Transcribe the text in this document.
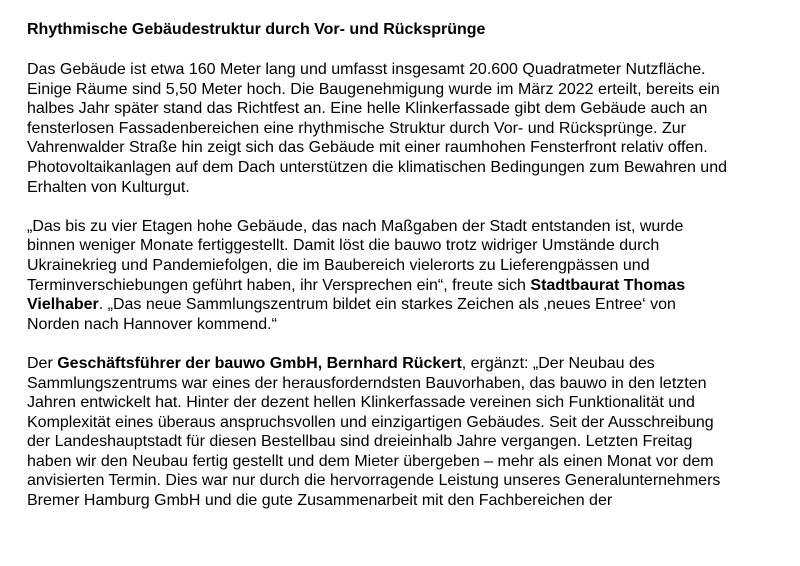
Rhythmische Gebäudestruktur durch Vor- und Rücksprünge

Das Gebäude ist etwa 160 Meter lang und umfasst insgesamt 20.600 Quadratmeter Nutzfläche.
Einige Räume sind 5,50 Meter hoch. Die Baugenehmigung wurde im März 2022 erteilt, bereits ein
halbes Jahr später stand das Richtfest an. Eine helle Klinkerfassade gibt dem Gebäude auch an
fensterlosen Fassadenbereichen eine rhythmische Struktur durch Vor- und Rücksprünge. Zur
Vahrenwalder Straße hin zeigt sich das Gebäude mit einer raumhohen Fensterfront relativ offen.
Photovoltaikanlagen auf dem Dach unterstützen die klimatischen Bedingungen zum Bewahren und
Erhalten von Kulturgut.

„Das bis zu vier Etagen hohe Gebäude, das nach Maßgaben der Stadt entstanden ist, wurde
binnen weniger Monate fertiggestellt. Damit löst die bauwo trotz widriger Umstände durch
Ukrainekrieg und Pandemiefolgen, die im Baubereich vielerorts zu Lieferengpässen und
Terminverschiebungen geführt haben, ihr Versprechen ein“, freute sich Stadtbaurat Thomas
Vielhaber. „Das neue Sammlungszentrum bildet ein starkes Zeichen als ‚neues Entree‘ von
Norden nach Hannover kommend.“

Der Geschäftsführer der bauwo GmbH, Bernhard Rückert, ergänzt: „Der Neubau des
Sammlungszentrums war eines der herausforderndsten Bauvorhaben, das bauwo in den letzten
Jahren entwickelt hat. Hinter der dezent hellen Klinkerfassade vereinen sich Funktionalität und
Komplexität eines überaus anspruchsvollen und einzigartigen Gebäudes. Seit der Ausschreibung
der Landeshauptstadt für diesen Bestellbau sind dreieinhalb Jahre vergangen. Letzten Freitag
haben wir den Neubau fertig gestellt und dem Mieter übergeben – mehr als einen Monat vor dem
anvisierten Termin. Dies war nur durch die hervorragende Leistung unseres Generalunternehmers
Bremer Hamburg GmbH und die gute Zusammenarbeit mit den Fachbereichen der
